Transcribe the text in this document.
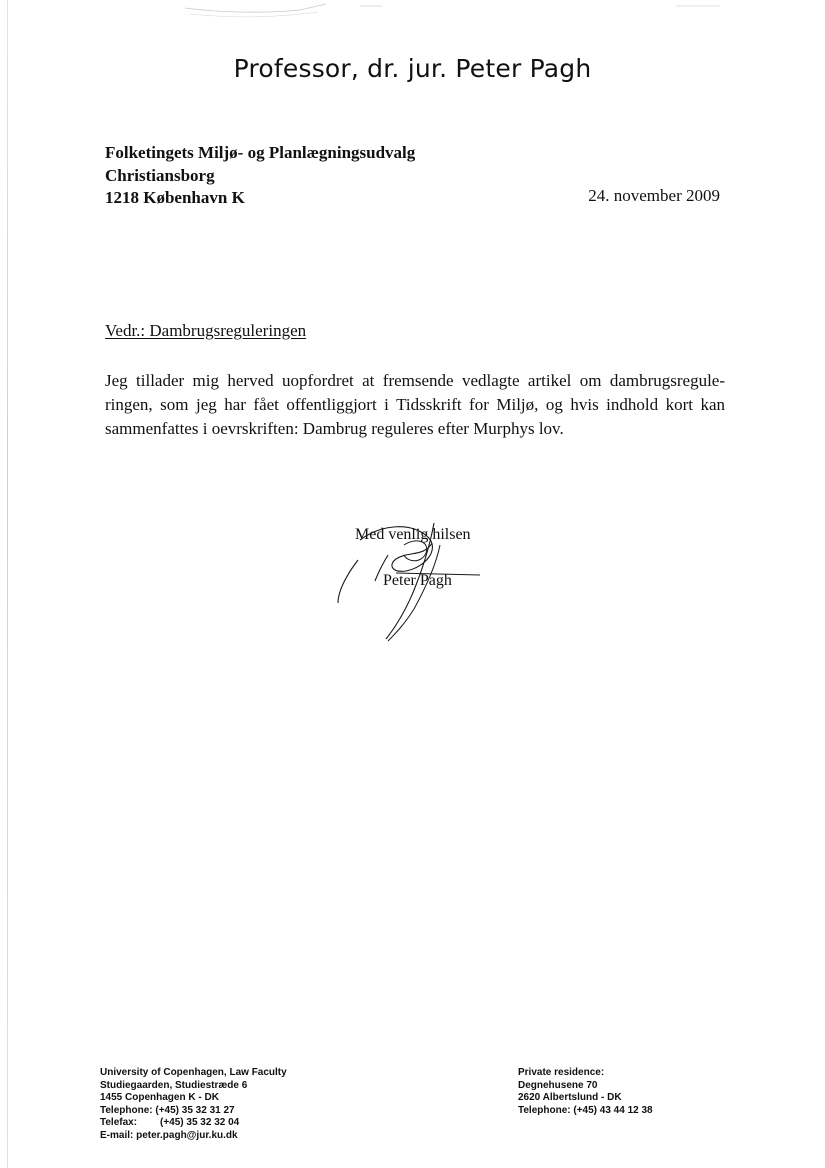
Professor, dr. jur. Peter Pagh
Folketingets Miljø- og Planlægningsudvalg
Christiansborg
1218 København K	24. november 2009
Vedr.: Dambrugsreguleringen
Jeg tillader mig herved uopfordret at fremsende vedlagte artikel om dambrugsregule-
ringen, som jeg har fået offentliggjort i Tidsskrift for Miljø, og hvis indhold kort kan
sammenfattes i oevrskriften: Dambrug reguleres efter Murphys lov.
Med venlig hilsen
Peter Pagh
University of Copenhagen, Law Faculty
Studiegaarden, Studiestræde 6
1455 Copenhagen K - DK
Telephone: (+45) 35 32 31 27
Telefax:	(+45) 35 32 32 04
E-mail: peter.pagh@jur.ku.dk
Private residence:
Degnehusene 70
2620 Albertslund - DK
Telephone: (+45) 43 44 12 38
